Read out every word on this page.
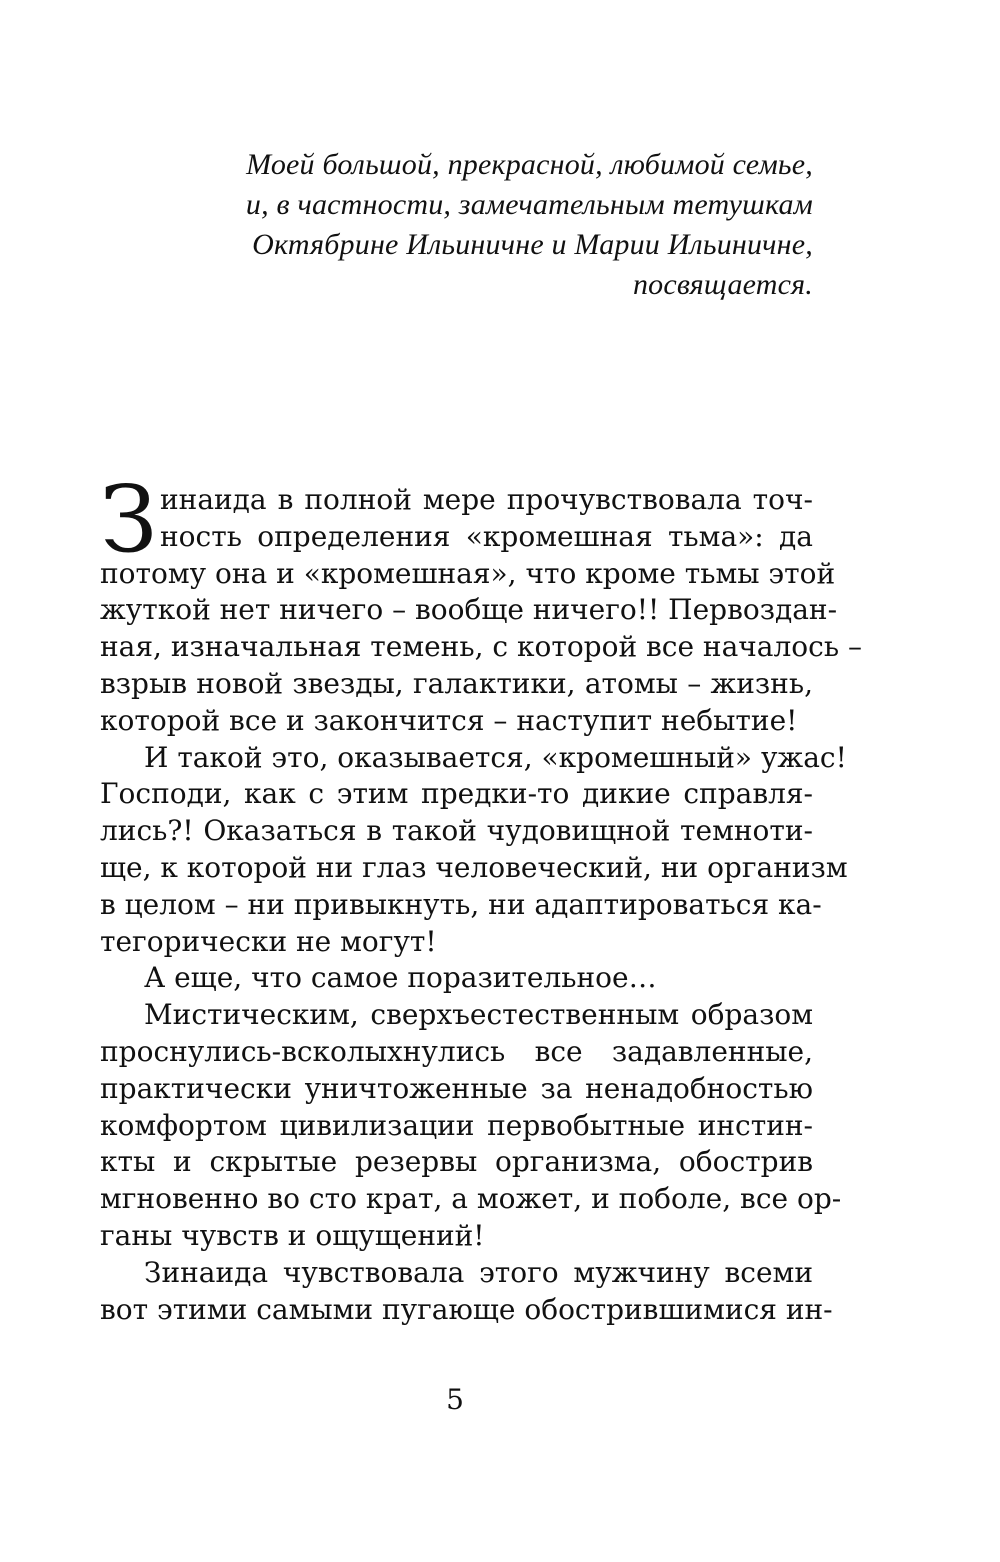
Моей большой, прекрасной, любимой семье,
и, в частности, замечательным тетушкам
Октябрине Ильиничне и Марии Ильиничне,
посвящается.
З инаида в полной мере прочувствовала точ-
ность определения «кромешная тьма»: да
потому она и «кромешная», что кроме тьмы этой
жуткой нет ничего – вообще ничего!! Первоздан-
ная, изначальная темень, с которой все началось –
взрыв новой звезды, галактики, атомы – жизнь,
которой все и закончится – наступит небытие!
И такой это, оказывается, «кромешный» ужас!
Господи, как с этим предки-то дикие справля-
лись?! Оказаться в такой чудовищной темноти-
ще, к которой ни глаз человеческий, ни организм
в целом – ни привыкнуть, ни адаптироваться ка-
тегорически не могут!
А еще, что самое поразительное…
Мистическим, сверхъестественным образом
проснулись-всколыхнулись все задавленные,
практически уничтоженные за ненадобностью
комфортом цивилизации первобытные инстин-
кты и скрытые резервы организма, обострив
мгновенно во сто крат, а может, и поболе, все ор-
ганы чувств и ощущений!
Зинаида чувствовала этого мужчину всеми
вот этими самыми пугающе обострившимися ин-
5
